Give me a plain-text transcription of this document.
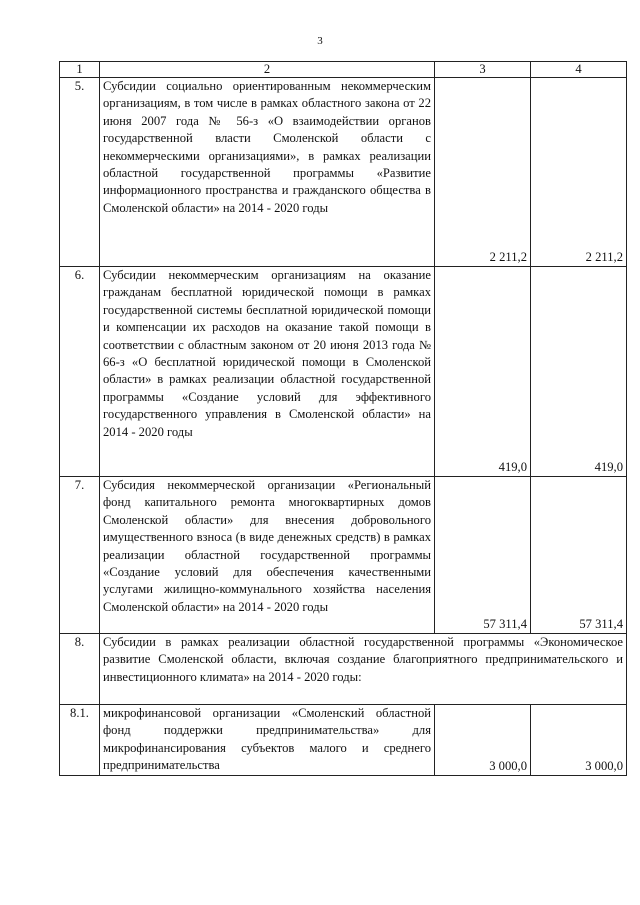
3
1	2	3	4
5.	Субсидии социально ориентированным некоммерческим организациям, в том числе в рамках областного закона от 22 июня 2007 года № 56-з «О взаимодействии органов государственной власти Смоленской области с некоммерческими организациями», в рамках реализации областной государственной программы «Развитие информационного пространства и гражданского общества в Смоленской области» на 2014 - 2020 годы	2 211,2	2 211,2
6.	Субсидии некоммерческим организациям на оказание гражданам бесплатной юридической помощи в рамках государственной системы бесплатной юридической помощи и компенсации их расходов на оказание такой помощи в соответствии с областным законом от 20 июня 2013 года № 66-з «О бесплатной юридической помощи в Смоленской области» в рамках реализации областной государственной программы «Создание условий для эффективного государственного управления в Смоленской области» на 2014 - 2020 годы	419,0	419,0
7.	Субсидия некоммерческой организации «Региональный фонд капитального ремонта многоквартирных домов Смоленской области» для внесения добровольного имущественного взноса (в виде денежных средств) в рамках реализации областной государственной программы «Создание условий для обеспечения качественными услугами жилищно-коммунального хозяйства населения Смоленской области» на 2014 - 2020 годы	57 311,4	57 311,4
8.	Субсидии в рамках реализации областной государственной программы «Экономическое развитие Смоленской области, включая создание благоприятного предпринимательского и инвестиционного климата» на 2014 - 2020 годы:		
8.1.	микрофинансовой организации «Смоленский областной фонд поддержки предпринимательства» для микрофинансирования субъектов малого и среднего предпринимательства	3 000,0	3 000,0
